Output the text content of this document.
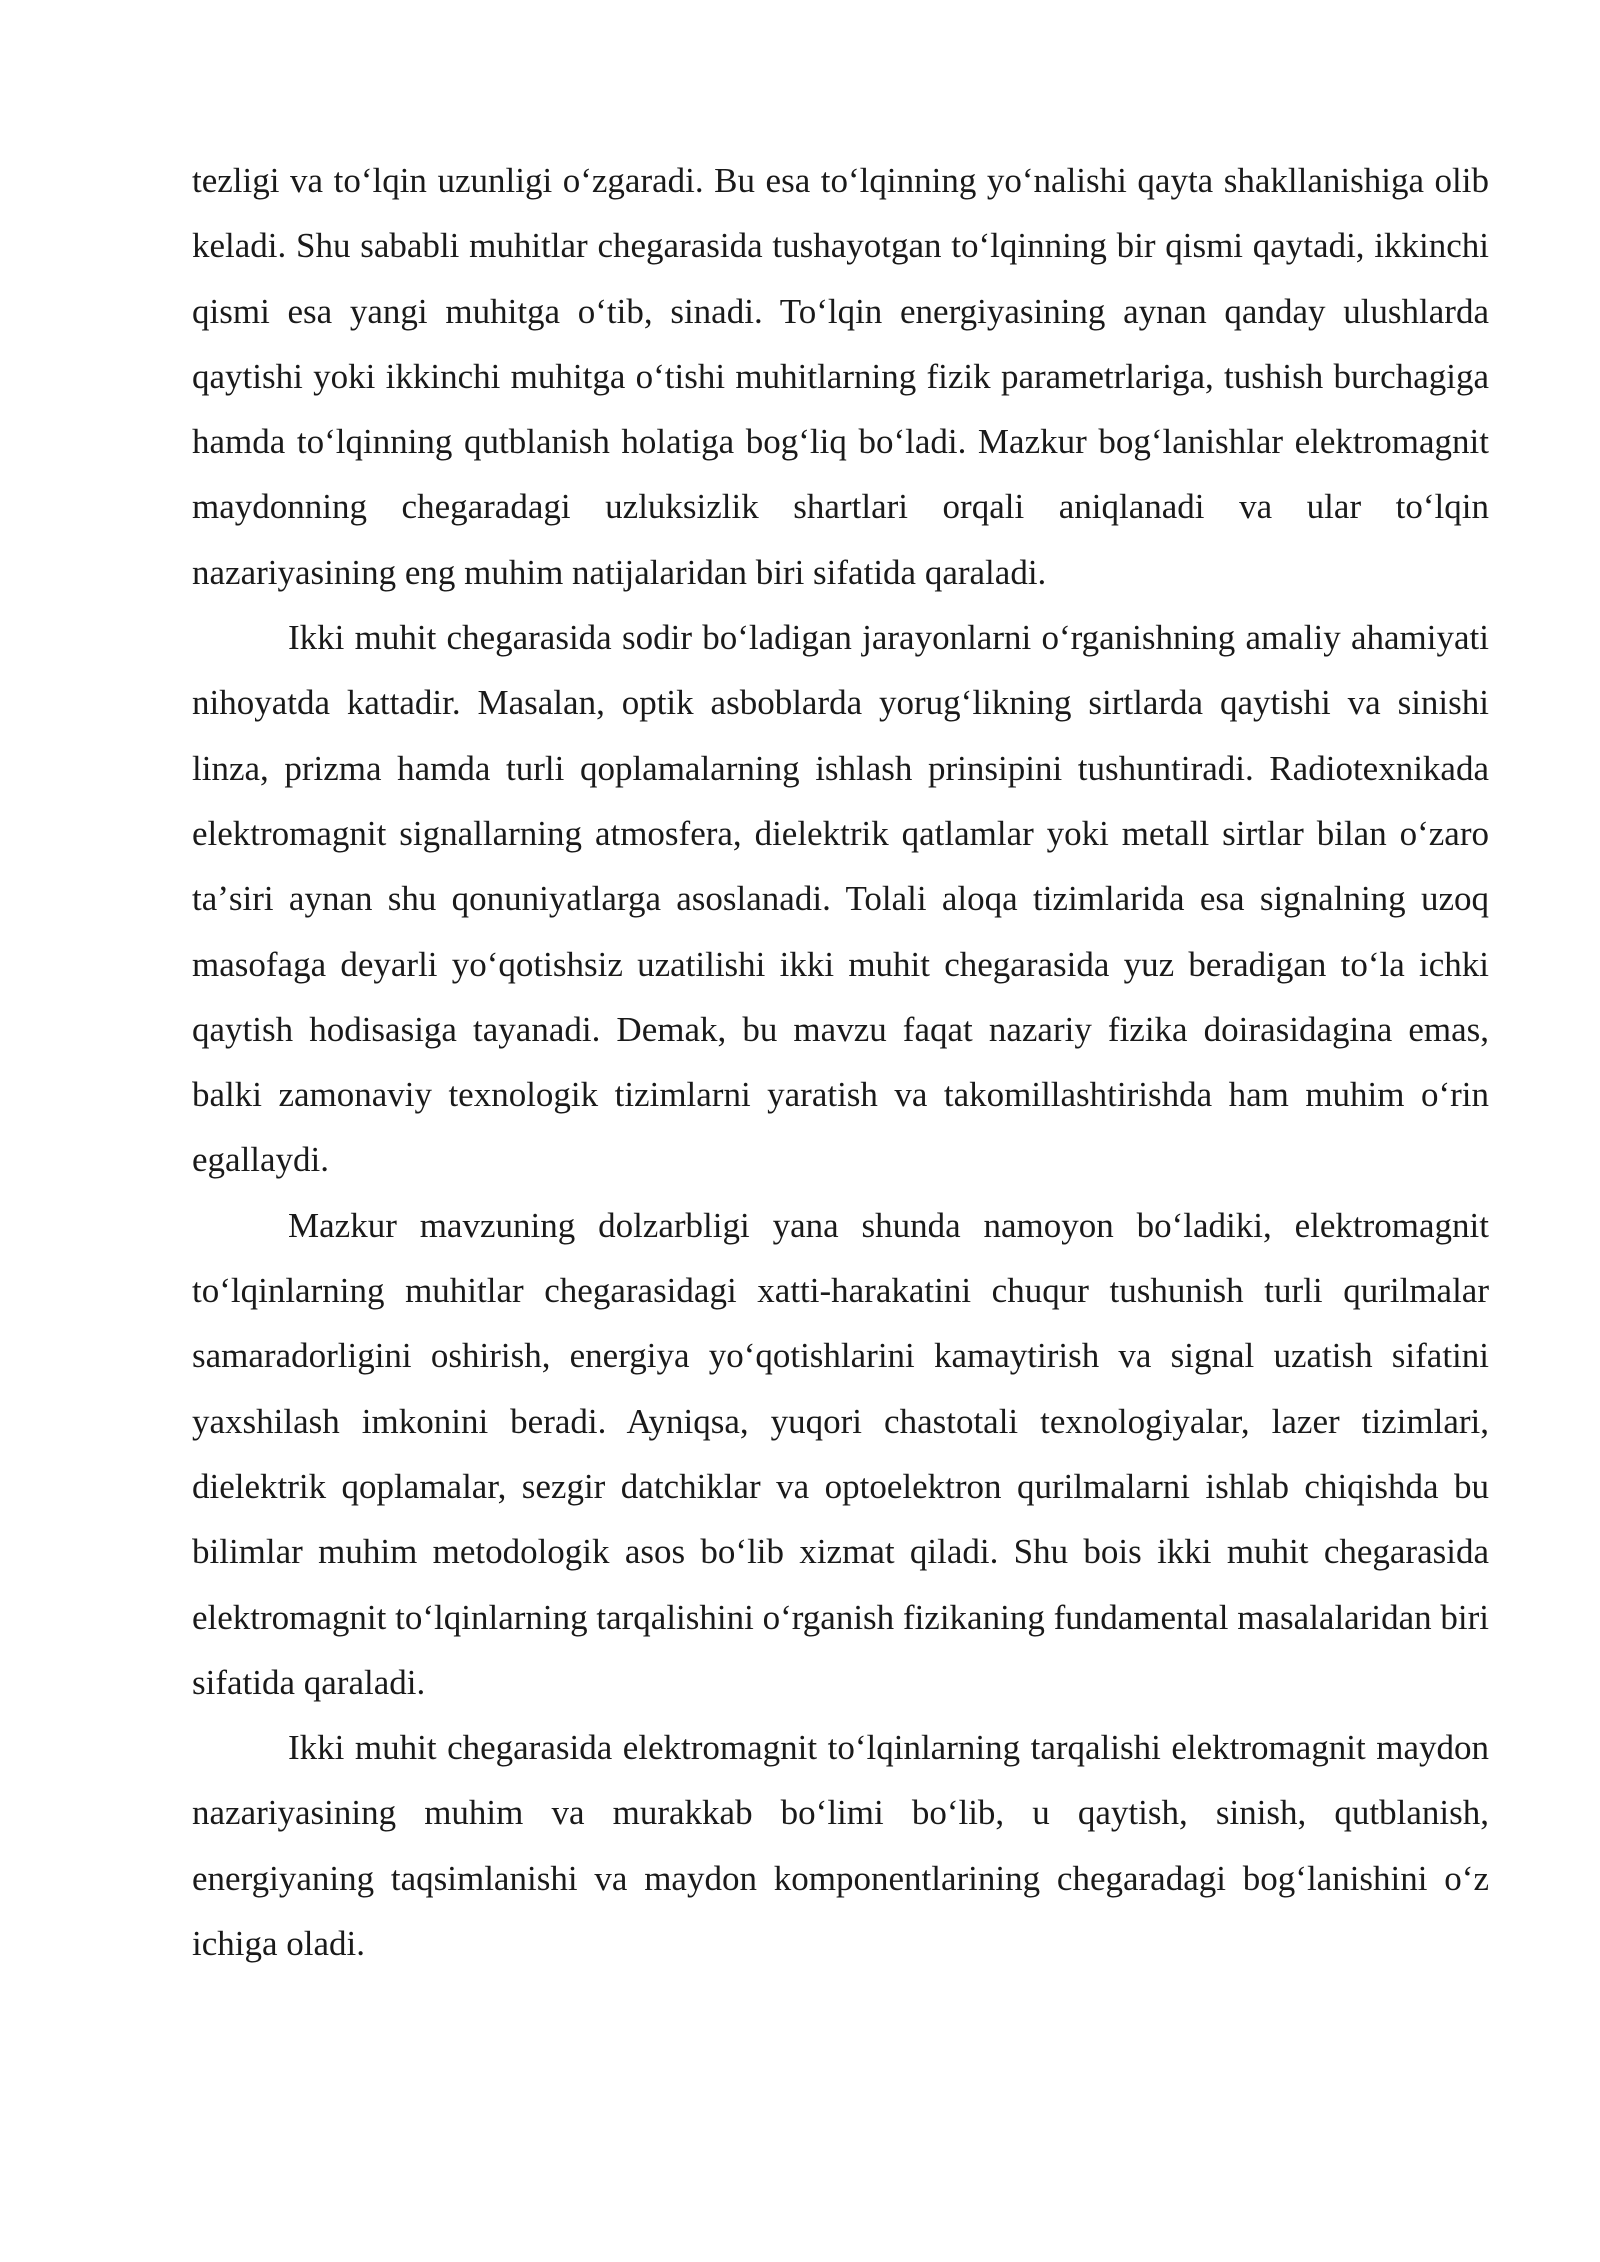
tezligi va toʻlqin uzunligi oʻzgaradi. Bu esa toʻlqinning yoʻnalishi qayta shakllanishiga olib keladi. Shu sababli muhitlar chegarasida tushayotgan toʻlqinning bir qismi qaytadi, ikkinchi qismi esa yangi muhitga oʻtib, sinadi. Toʻlqin energiyasining aynan qanday ulushlarda qaytishi yoki ikkinchi muhitga oʻtishi muhitlarning fizik parametrlariga, tushish burchagiga hamda toʻlqinning qutblanish holatiga bogʻliq boʻladi. Mazkur bogʻlanishlar elektromagnit maydonning chegaradagi uzluksizlik shartlari orqali aniqlanadi va ular toʻlqin nazariyasining eng muhim natijalaridan biri sifatida qaraladi.

Ikki muhit chegarasida sodir boʻladigan jarayonlarni oʻrganishning amaliy ahamiyati nihoyatda kattadir. Masalan, optik asboblarda yorugʻlikning sirtlarda qaytishi va sinishi linza, prizma hamda turli qoplamalarning ishlash prinsipini tushuntiradi. Radiotexnikada elektromagnit signallarning atmosfera, dielektrik qatlamlar yoki metall sirtlar bilan oʻzaro taʼsiri aynan shu qonuniyatlarga asoslanadi. Tolali aloqa tizimlarida esa signalning uzoq masofaga deyarli yoʻqotishsiz uzatilishi ikki muhit chegarasida yuz beradigan toʻla ichki qaytish hodisasiga tayanadi. Demak, bu mavzu faqat nazariy fizika doirasidagina emas, balki zamonaviy texnologik tizimlarni yaratish va takomillashtirishda ham muhim oʻrin egallaydi.

Mazkur mavzuning dolzarbligi yana shunda namoyon boʻladiki, elektromagnit toʻlqinlarning muhitlar chegarasidagi xatti-harakatini chuqur tushunish turli qurilmalar samaradorligini oshirish, energiya yoʻqotishlarini kamaytirish va signal uzatish sifatini yaxshilash imkonini beradi. Ayniqsa, yuqori chastotali texnologiyalar, lazer tizimlari, dielektrik qoplamalar, sezgir datchiklar va optoelektron qurilmalarni ishlab chiqishda bu bilimlar muhim metodologik asos boʻlib xizmat qiladi. Shu bois ikki muhit chegarasida elektromagnit toʻlqinlarning tarqalishini oʻrganish fizikaning fundamental masalalaridan biri sifatida qaraladi.

Ikki muhit chegarasida elektromagnit toʻlqinlarning tarqalishi elektromagnit maydon nazariyasining muhim va murakkab boʻlimi boʻlib, u qaytish, sinish, qutblanish, energiyaning taqsimlanishi va maydon komponentlarining chegaradagi bogʻlanishini oʻz ichiga oladi.
